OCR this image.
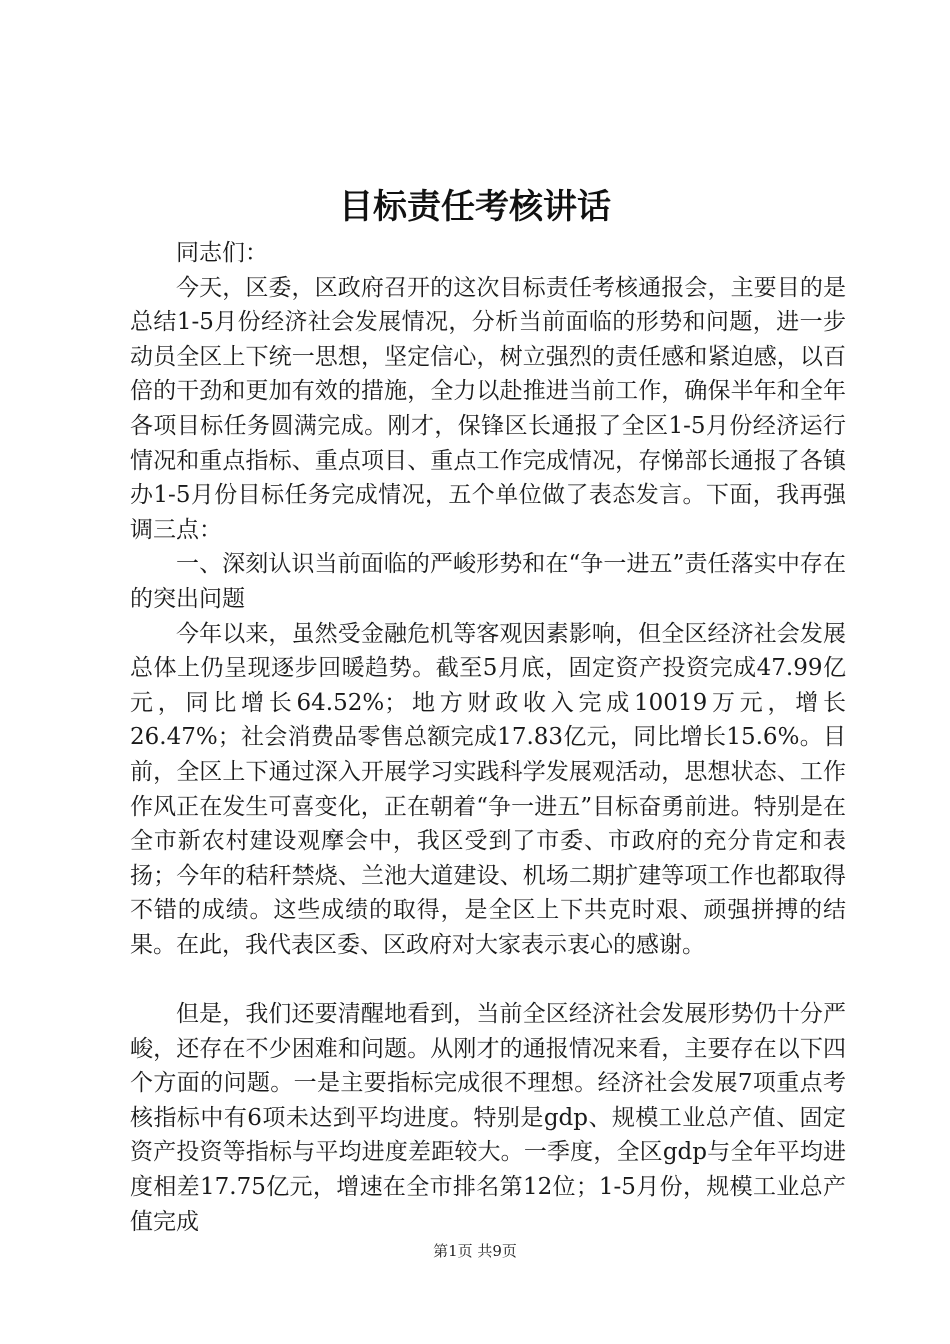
目标责任考核讲话

同志们：

今天，区委，区政府召开的这次目标责任考核通报会，主要目的是总结1-5月份经济社会发展情况，分析当前面临的形势和问题，进一步动员全区上下统一思想，坚定信心，树立强烈的责任感和紧迫感，以百倍的干劲和更加有效的措施，全力以赴推进当前工作，确保半年和全年各项目标任务圆满完成。刚才，保锋区长通报了全区1-5月份经济运行情况和重点指标、重点项目、重点工作完成情况，存悌部长通报了各镇办1-5月份目标任务完成情况，五个单位做了表态发言。下面，我再强调三点：

一、深刻认识当前面临的严峻形势和在“争一进五”责任落实中存在的突出问题

今年以来，虽然受金融危机等客观因素影响，但全区经济社会发展总体上仍呈现逐步回暖趋势。截至5月底，固定资产投资完成47.99亿元，同比增长64.52%；地方财政收入完成10019万元，增长26.47%；社会消费品零售总额完成17.83亿元，同比增长15.6%。目前，全区上下通过深入开展学习实践科学发展观活动，思想状态、工作作风正在发生可喜变化，正在朝着“争一进五”目标奋勇前进。特别是在全市新农村建设观摩会中，我区受到了市委、市政府的充分肯定和表扬；今年的秸秆禁烧、兰池大道建设、机场二期扩建等项工作也都取得不错的成绩。这些成绩的取得，是全区上下共克时艰、顽强拼搏的结果。在此，我代表区委、区政府对大家表示衷心的感谢。

但是，我们还要清醒地看到，当前全区经济社会发展形势仍十分严峻，还存在不少困难和问题。从刚才的通报情况来看，主要存在以下四个方面的问题。一是主要指标完成很不理想。经济社会发展7项重点考核指标中有6项未达到平均进度。特别是gdp、规模工业总产值、固定资产投资等指标与平均进度差距较大。一季度，全区gdp与全年平均进度相差17.75亿元，增速在全市排名第12位；1-5月份，规模工业总产值完成

第1页 共9页
